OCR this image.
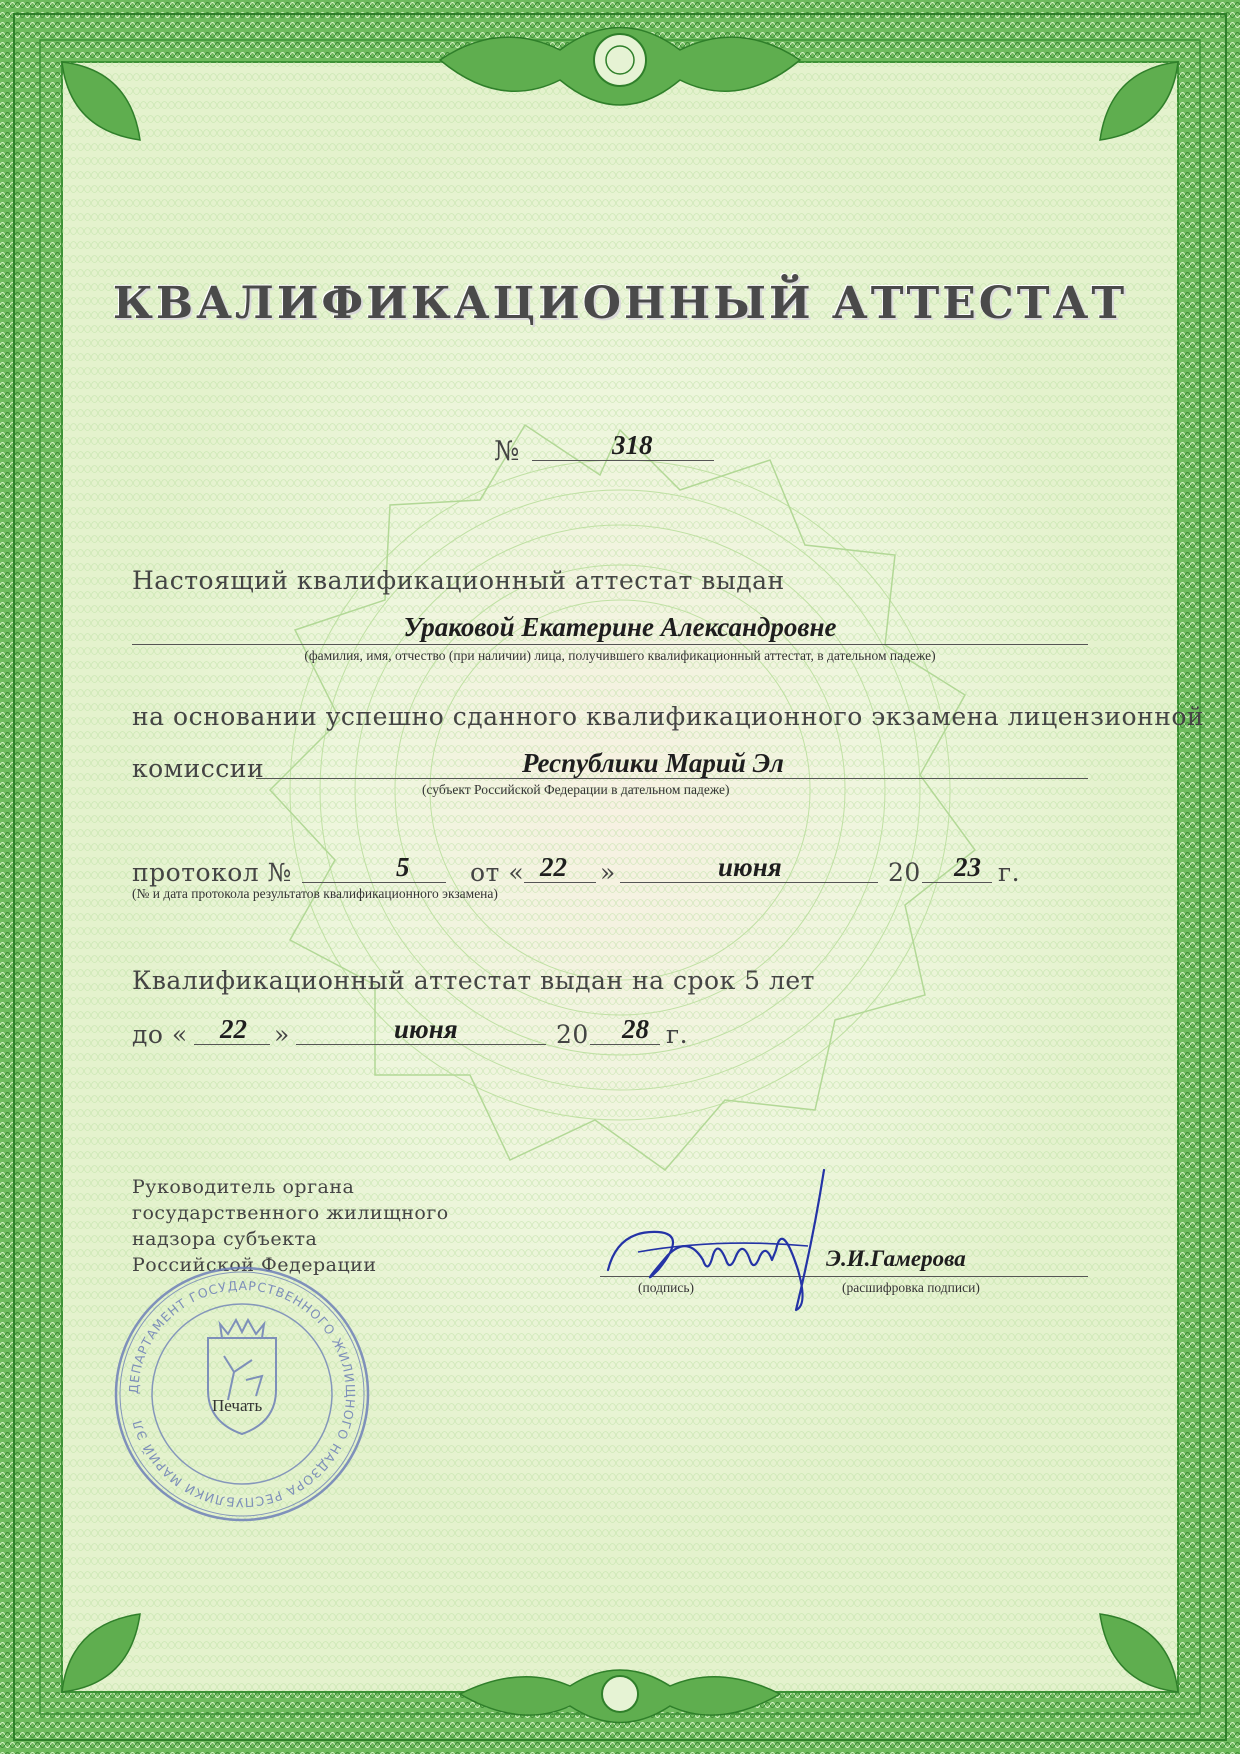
КВАЛИФИКАЦИОННЫЙ АТТЕСТАТ
№	318
Настоящий квалификационный аттестат выдан
Ураковой Екатерине Александровне
(фамилия, имя, отчество (при наличии) лица, получившего квалификационный аттестат, в дательном падеже)
на основании успешно сданного квалификационного экзамена лицензионной
комиссии	Республики Марий Эл
(субъект Российской Федерации в дательном падеже)
протокол №	5 от « 22 »	июня	20 23 г.
(№ и дата протокола результатов квалификационного экзамена)
Квалификационный аттестат выдан на срок 5 лет
до « 22 »	июня	20 28 г.
Руководитель органа
государственного жилищного
надзора субъекта
Российской Федерации
(подпись)
Э.И.Гамерова
(расшифровка подписи)
ДЕПАРТАМЕНТ ГОСУДАРСТВЕННОГО ЖИЛИЩНОГО НАДЗОРА РЕСПУБЛИКИ МАРИЙ ЭЛ
Печать
